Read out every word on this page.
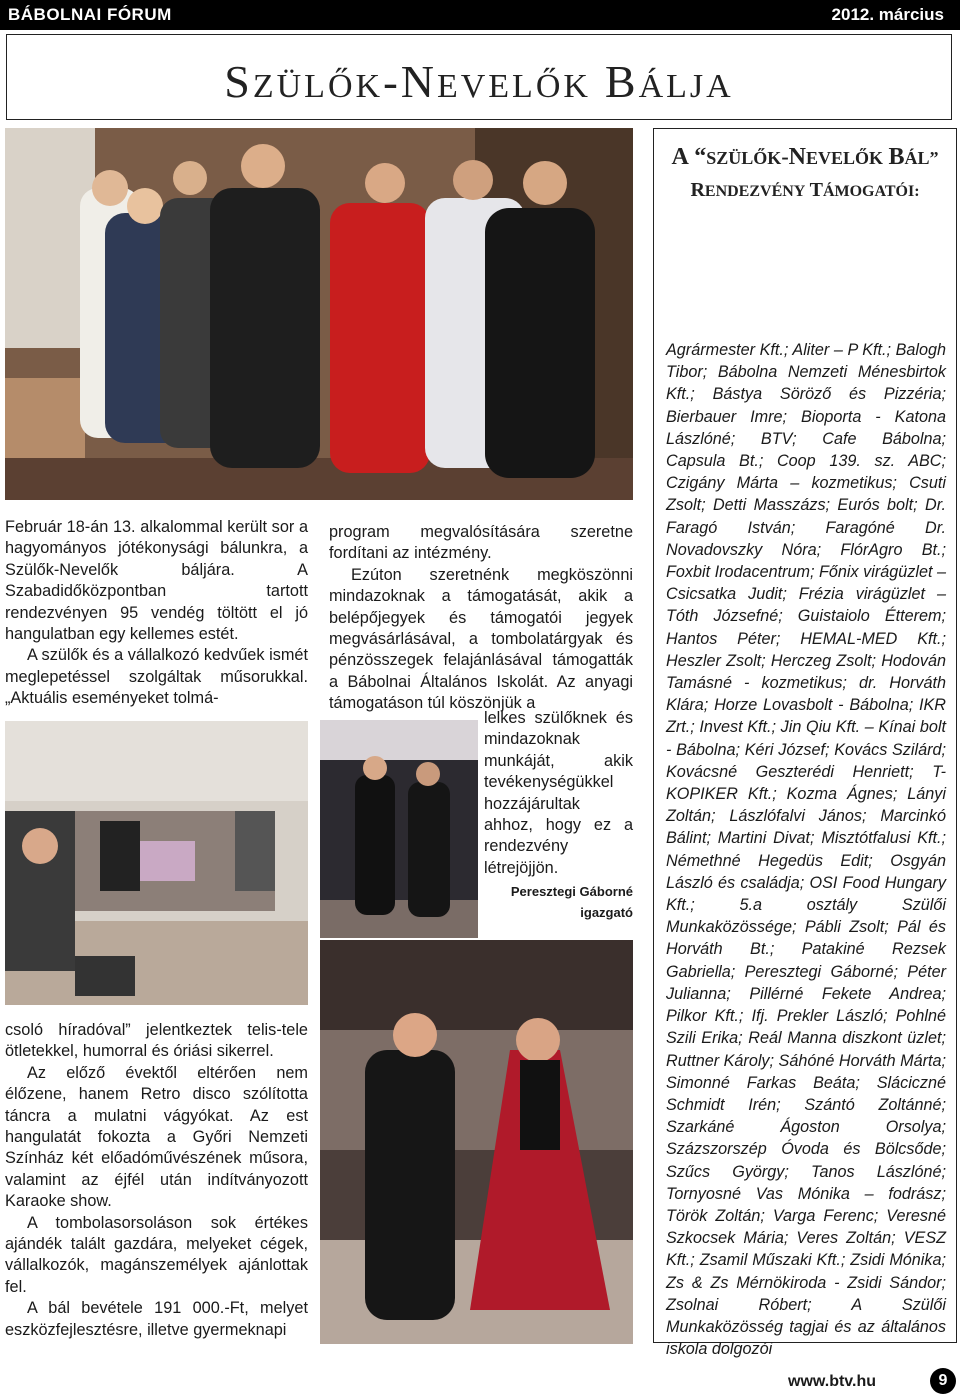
BÁBOLNAI FÓRUM	2012. március
SZÜLŐK-NEVELŐK BÁLJA

Február 18-án 13. alkalommal került sor a hagyományos jótékonysági bálunkra, a Szülők-Nevelők báljára. A Szabadidőközpontban tartott rendezvényen 95 vendég töltött el jó hangulatban egy kellemes estét.

A szülők és a vállalkozó kedvűek ismét meglepetéssel szolgáltak műsorukkal. „Aktuális eseményeket tolmá-

csoló híradóval” jelentkeztek telis-tele ötletekkel, humorral és óriási sikerrel.

Az előző évektől eltérően nem élőzene, hanem Retro disco szólította táncra a mulatni vágyókat. Az est hangulatát fokozta a Győri Nemzeti Színház két előadóművészének műsora, valamint az éjfél után indítványozott Karaoke show.

A tombolasorsoláson sok értékes ajándék talált gazdára, melyeket cégek, vállalkozók, magánszemélyek ajánlottak fel.

A bál bevétele 191 000.-Ft, melyet eszközfejlesztésre, illetve gyermeknapi

program megvalósítására szeretne fordítani az intézmény.

Ezúton szeretnénk megköszönni mindazoknak a támogatását, akik a belépőjegyek és támogatói jegyek megvásárlásával, a tombolatárgyak és pénzösszegek felajánlásával támogatták a Bábolnai Általános Iskolát. Az anyagi támogatáson túl köszönjük a

lelkes szülőknek és mindazoknak munkáját, akik tevékenységükkel hozzájárultak ahhoz, hogy ez a rendezvény létrejöjjön.

Peresztegi Gáborné
igazgató
A “SZÜLŐK-NEVELŐK BÁL”
RENDEZVÉNY TÁMOGATÓI:
Agrármester Kft.; Aliter – P Kft.; Balogh Tibor; Bábolna Nemzeti Ménesbirtok Kft.; Bástya Söröző és Pizzéria; Bierbauer Imre; Bioporta - Katona Lászlóné; BTV; Cafe Bábolna; Capsula Bt.; Coop 139. sz. ABC; Czigány Márta – kozmetikus; Csuti Zsolt; Detti Masszázs; Eurós bolt; Dr. Faragó István; Faragóné Dr. Novadovszky Nóra; FlórAgro Bt.; Foxbit Irodacentrum; Főnix virágüzlet – Csicsatka Judit; Frézia virágüzlet –Tóth Józsefné; Guistaiolo Étterem; Hantos Péter; HEMAL-MED Kft.; Heszler Zsolt; Herczeg Zsolt; Hodován Tamásné - kozmetikus; dr. Horváth Klára; Horze Lovasbolt - Bábolna; IKR Zrt.; Invest Kft.; Jin Qiu Kft. – Kínai bolt - Bábolna; Kéri József; Kovács Szilárd; Kovácsné Geszterédi Henriett; T-KOPIKER Kft.; Kozma Ágnes; Lányi Zoltán; Lászlófalvi János; Marcinkó Bálint; Martini Divat; Misztótfalusi Kft.; Némethné Hegedüs Edit; Osgyán László és családja; OSI Food Hungary Kft.; 5.a osztály Szülői Munkaközössége; Pábli Zsolt; Pál és Horváth Bt.; Patakiné Rezsek Gabriella; Peresztegi Gáborné; Péter Julianna; Pillérné Fekete Andrea; Pilkor Kft.; Ifj. Prekler László; Pohlné Szili Erika; Reál Manna diszkont üzlet; Ruttner Károly; Sáhóné Horváth Márta; Simonné Farkas Beáta; Sláciczné Schmidt Irén; Szántó Zoltánné; Szarkáné Ágoston Orsolya; Százszorszép Óvoda és Bölcsőde; Szűcs György; Tanos Lászlóné; Tornyosné Vas Mónika – fodrász; Török Zoltán; Varga Ferenc; Veresné Szkocsek Mária; Veres Zoltán; VESZ Kft.; Zsamil Műszaki Kft.; Zsidi Mónika; Zs & Zs Mérnökiroda - Zsidi Sándor; Zsolnai Róbert; A Szülői Munkaközösség tagjai és az általános iskola dolgozói
www.btv.hu	9
